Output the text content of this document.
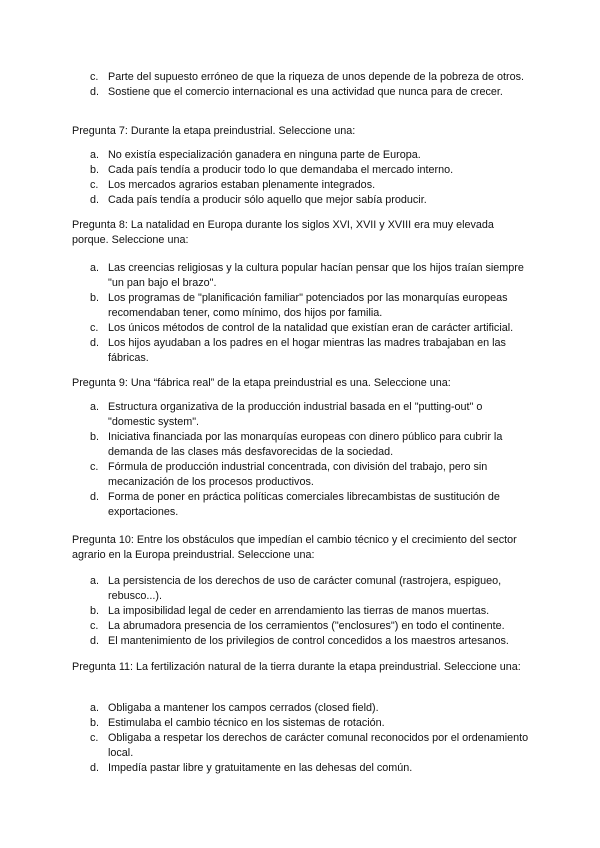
c. Parte del supuesto erróneo de que la riqueza de unos depende de la pobreza de otros.
d. Sostiene que el comercio internacional es una actividad que nunca para de crecer.

Pregunta 7: Durante la etapa preindustrial. Seleccione una:

a. No existía especialización ganadera en ninguna parte de Europa.
b. Cada país tendía a producir todo lo que demandaba el mercado interno.
c. Los mercados agrarios estaban plenamente integrados.
d. Cada país tendía a producir sólo aquello que mejor sabía producir.

Pregunta 8: La natalidad en Europa durante los siglos XVI, XVII y XVIII era muy elevada porque. Seleccione una:

a. Las creencias religiosas y la cultura popular hacían pensar que los hijos traían siempre "un pan bajo el brazo".
b. Los programas de "planificación familiar" potenciados por las monarquías europeas recomendaban tener, como mínimo, dos hijos por familia.
c. Los únicos métodos de control de la natalidad que existían eran de carácter artificial.
d. Los hijos ayudaban a los padres en el hogar mientras las madres trabajaban en las fábricas.

Pregunta 9: Una “fábrica real” de la etapa preindustrial es una. Seleccione una:

a. Estructura organizativa de la producción industrial basada en el "putting-out" o "domestic system".
b. Iniciativa financiada por las monarquías europeas con dinero público para cubrir la demanda de las clases más desfavorecidas de la sociedad.
c. Fórmula de producción industrial concentrada, con división del trabajo, pero sin mecanización de los procesos productivos.
d. Forma de poner en práctica políticas comerciales librecambistas de sustitución de exportaciones.

Pregunta 10: Entre los obstáculos que impedían el cambio técnico y el crecimiento del sector agrario en la Europa preindustrial. Seleccione una:

a. La persistencia de los derechos de uso de carácter comunal (rastrojera, espigueo, rebusco...).
b. La imposibilidad legal de ceder en arrendamiento las tierras de manos muertas.
c. La abrumadora presencia de los cerramientos ("enclosures") en todo el continente.
d. El mantenimiento de los privilegios de control concedidos a los maestros artesanos.

Pregunta 11: La fertilización natural de la tierra durante la etapa preindustrial. Seleccione una:

a. Obligaba a mantener los campos cerrados (closed field).
b. Estimulaba el cambio técnico en los sistemas de rotación.
c. Obligaba a respetar los derechos de carácter comunal reconocidos por el ordenamiento local.
d. Impedía pastar libre y gratuitamente en las dehesas del común.
